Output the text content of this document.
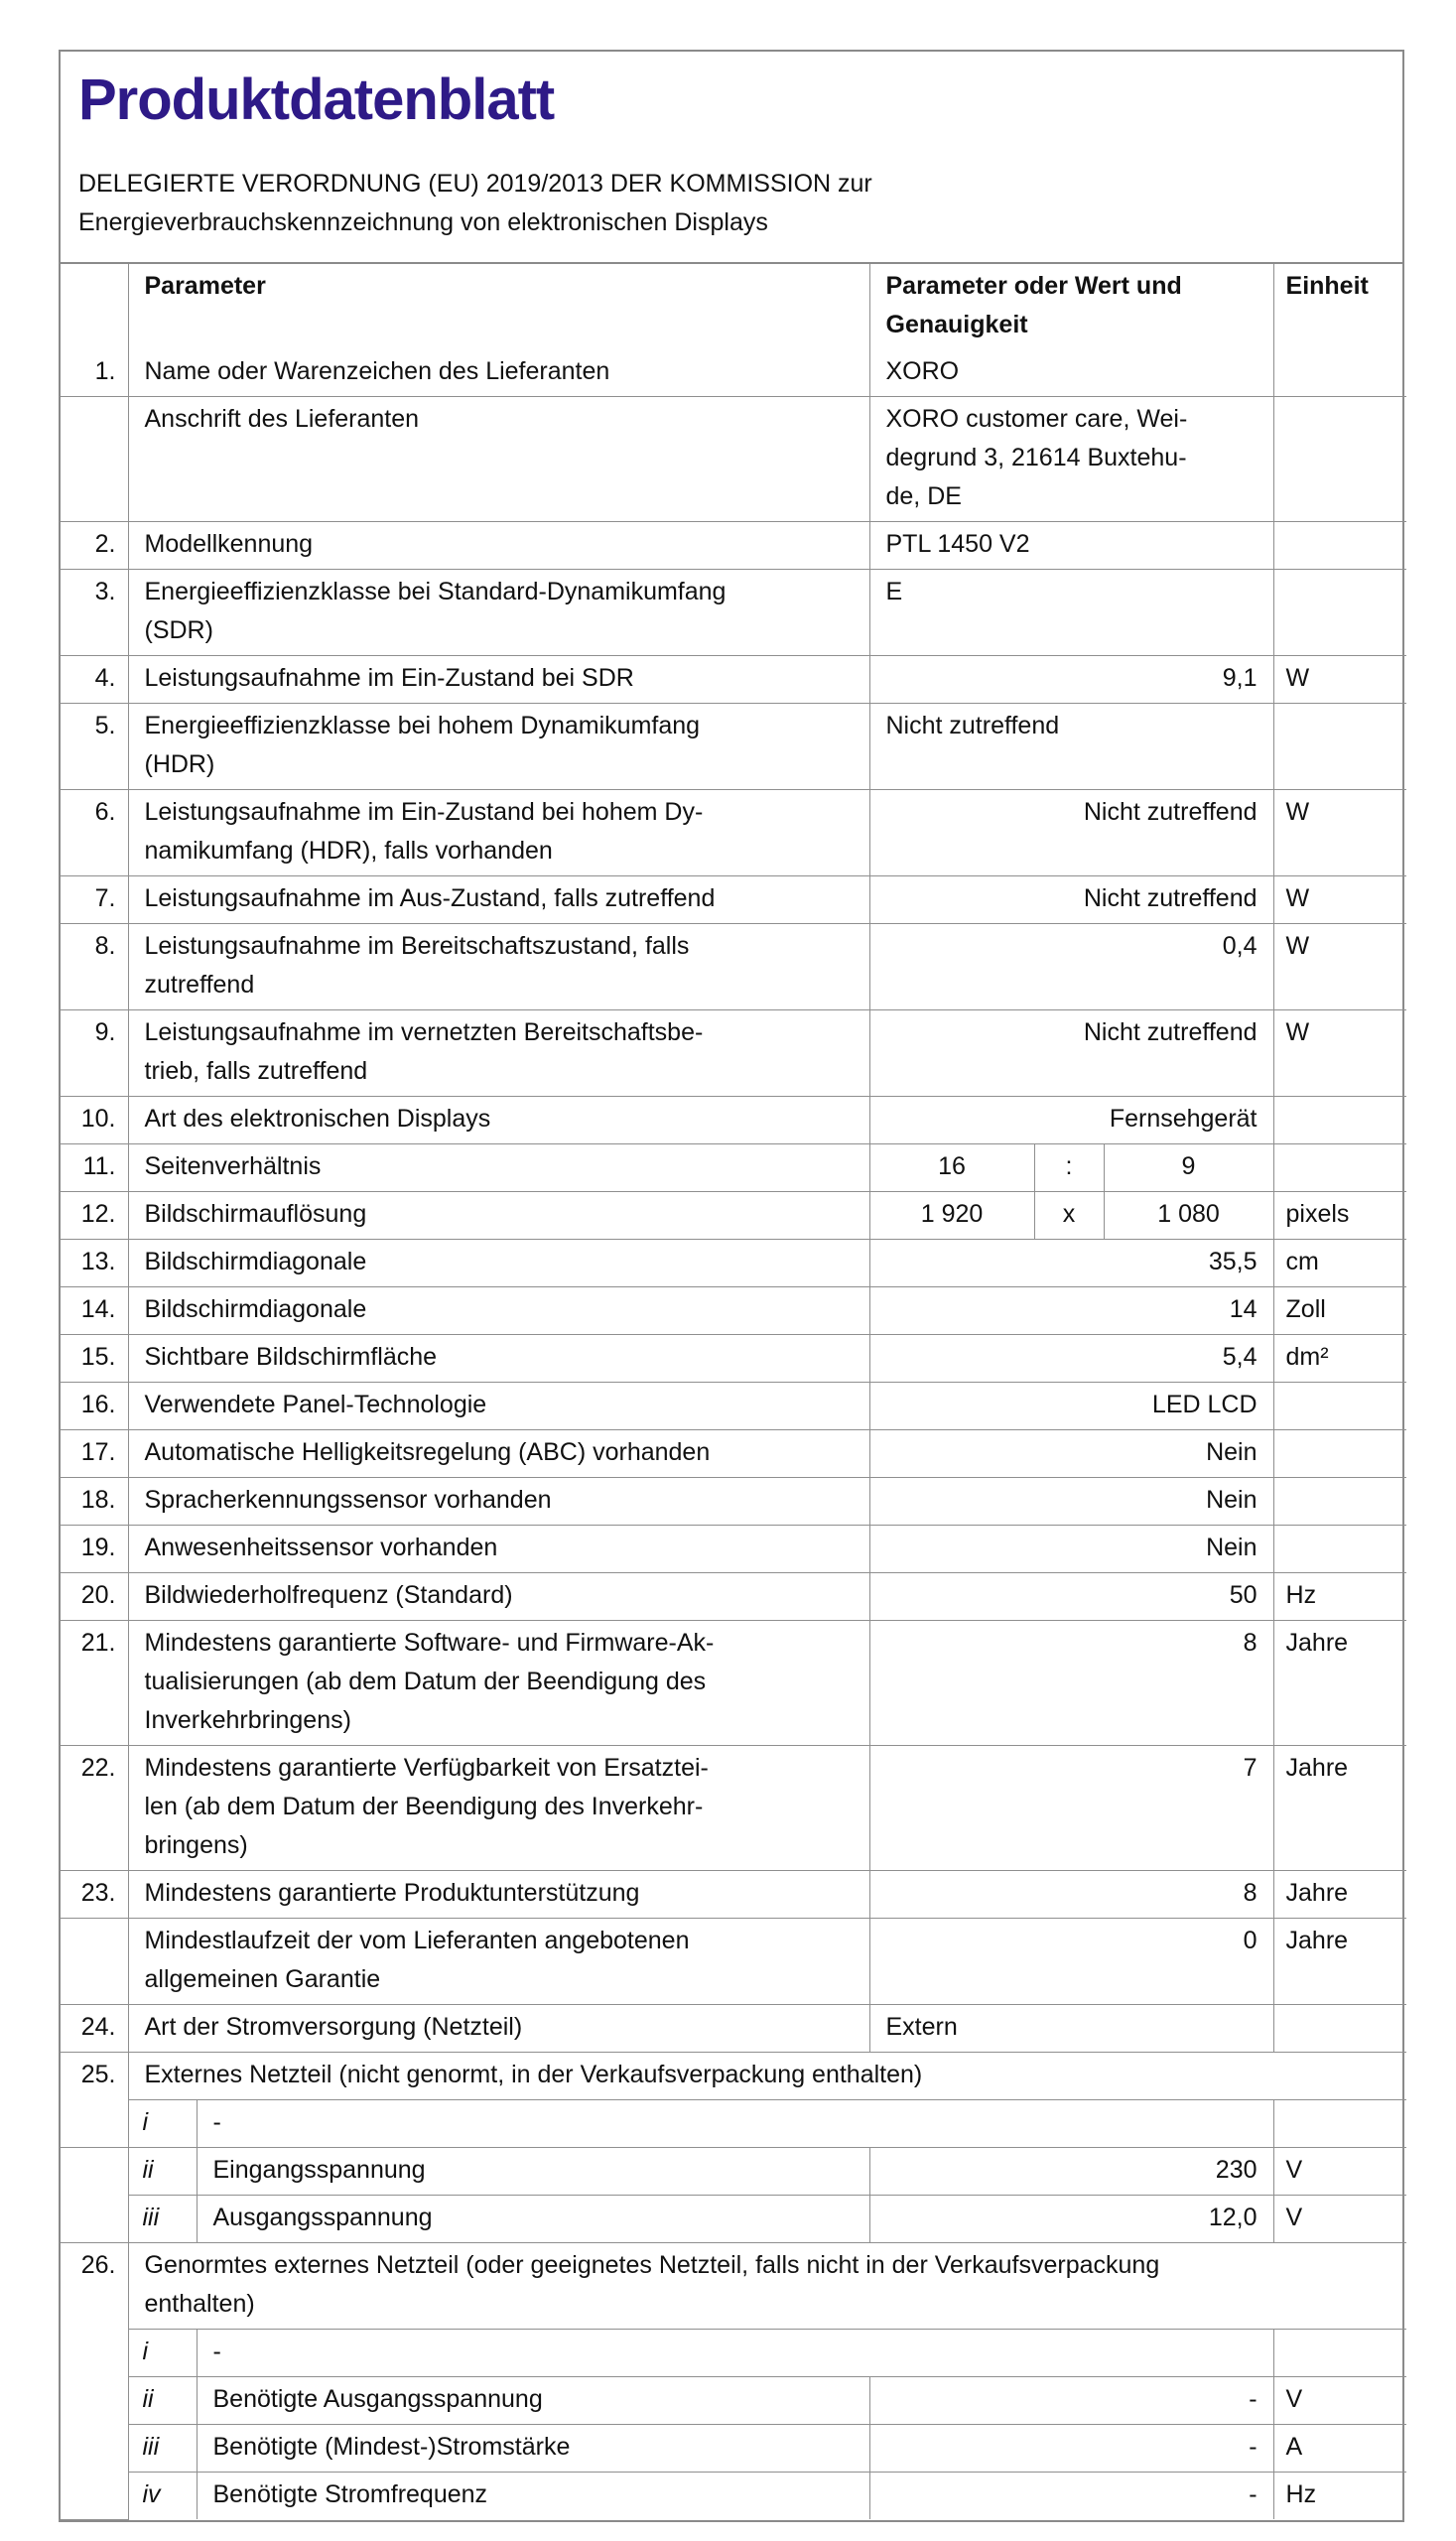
Produktdatenblatt
DELEGIERTE VERORDNUNG (EU) 2019/2013 DER KOMMISSION zur
Energieverbrauchskennzeichnung von elektronischen Displays
	Parameter		Parameter oder Wert und
Genauigkeit			Einheit
1.	Name oder Warenzeichen des Lieferanten		XORO			
	Anschrift des Lieferanten		XORO customer care, Wei-
degrund 3, 21614 Buxtehu-
de, DE			
2.	Modellkennung		PTL 1450 V2			
3.	Energieeffizienzklasse bei Standard-Dynamikumfang
(SDR)		E			
4.	Leistungsaufnahme im Ein-Zustand bei SDR		9,1			W
5.	Energieeffizienzklasse bei hohem Dynamikumfang
(HDR)		Nicht zutreffend			
6.	Leistungsaufnahme im Ein-Zustand bei hohem Dy-
namikumfang (HDR), falls vorhanden		Nicht zutreffend			W
7.	Leistungsaufnahme im Aus-Zustand, falls zutreffend		Nicht zutreffend			W
8.	Leistungsaufnahme im Bereitschaftszustand, falls
zutreffend		0,4			W
9.	Leistungsaufnahme im vernetzten Bereitschaftsbe-
trieb, falls zutreffend		Nicht zutreffend			W
10.	Art des elektronischen Displays		Fernsehgerät			
11.	Seitenverhältnis		16	:	9	
12.	Bildschirmauflösung		1 920	x	1 080	pixels
13.	Bildschirmdiagonale		35,5			cm
14.	Bildschirmdiagonale		14			Zoll
15.	Sichtbare Bildschirmfläche		5,4			dm²
16.	Verwendete Panel-Technologie		LED LCD			
17.	Automatische Helligkeitsregelung (ABC) vorhanden		Nein			
18.	Spracherkennungssensor vorhanden		Nein			
19.	Anwesenheitssensor vorhanden		Nein			
20.	Bildwiederholfrequenz (Standard)		50			Hz
21.	Mindestens garantierte Software- und Firmware-Ak-
tualisierungen (ab dem Datum der Beendigung des
Inverkehrbringens)		8			Jahre
22.	Mindestens garantierte Verfügbarkeit von Ersatztei-
len (ab dem Datum der Beendigung des Inverkehr-
bringens)		7			Jahre
23.	Mindestens garantierte Produktunterstützung		8			Jahre
	Mindestlaufzeit der vom Lieferanten angebotenen
allgemeinen Garantie		0			Jahre
24.	Art der Stromversorgung (Netzteil)		Extern			
25.	Externes Netzteil (nicht genormt, in der Verkaufsverpackung enthalten)					
	i	-				
	ii	Eingangsspannung	230			V
	iii	Ausgangsspannung	12,0			V
26.	Genormtes externes Netzteil (oder geeignetes Netzteil, falls nicht in der Verkaufsverpackung
enthalten)					
	i	-				
	ii	Benötigte Ausgangsspannung	-			V
	iii	Benötigte (Mindest-)Stromstärke	-			A
	iv	Benötigte Stromfrequenz	-			Hz
